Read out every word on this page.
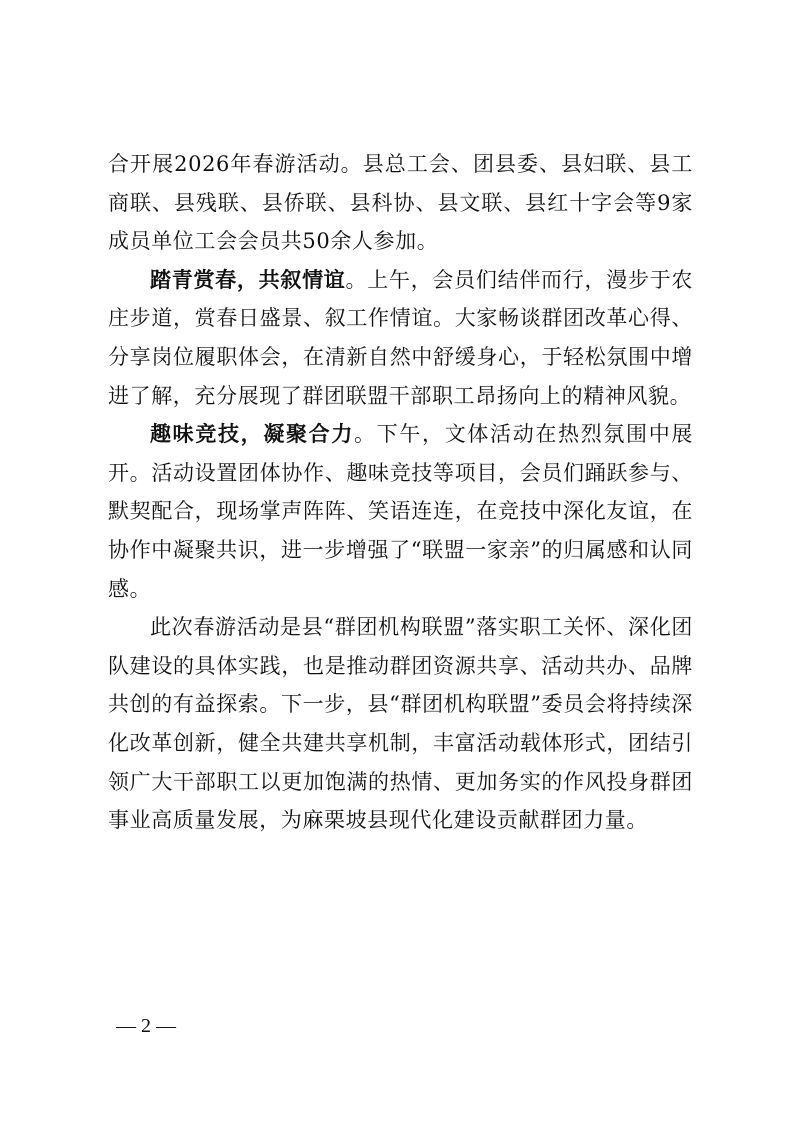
合开展2026年春游活动。县总工会、团县委、县妇联、县工商联、县残联、县侨联、县科协、县文联、县红十字会等9家成员单位工会会员共50余人参加。

踏青赏春，共叙情谊。上午，会员们结伴而行，漫步于农庄步道，赏春日盛景、叙工作情谊。大家畅谈群团改革心得、分享岗位履职体会，在清新自然中舒缓身心，于轻松氛围中增进了解，充分展现了群团联盟干部职工昂扬向上的精神风貌。

趣味竞技，凝聚合力。下午，文体活动在热烈氛围中展开。活动设置团体协作、趣味竞技等项目，会员们踊跃参与、默契配合，现场掌声阵阵、笑语连连，在竞技中深化友谊，在协作中凝聚共识，进一步增强了“联盟一家亲”的归属感和认同感。

此次春游活动是县“群团机构联盟”落实职工关怀、深化团队建设的具体实践，也是推动群团资源共享、活动共办、品牌共创的有益探索。下一步，县“群团机构联盟”委员会将持续深化改革创新，健全共建共享机制，丰富活动载体形式，团结引领广大干部职工以更加饱满的热情、更加务实的作风投身群团事业高质量发展，为麻栗坡县现代化建设贡献群团力量。

— 2 —
